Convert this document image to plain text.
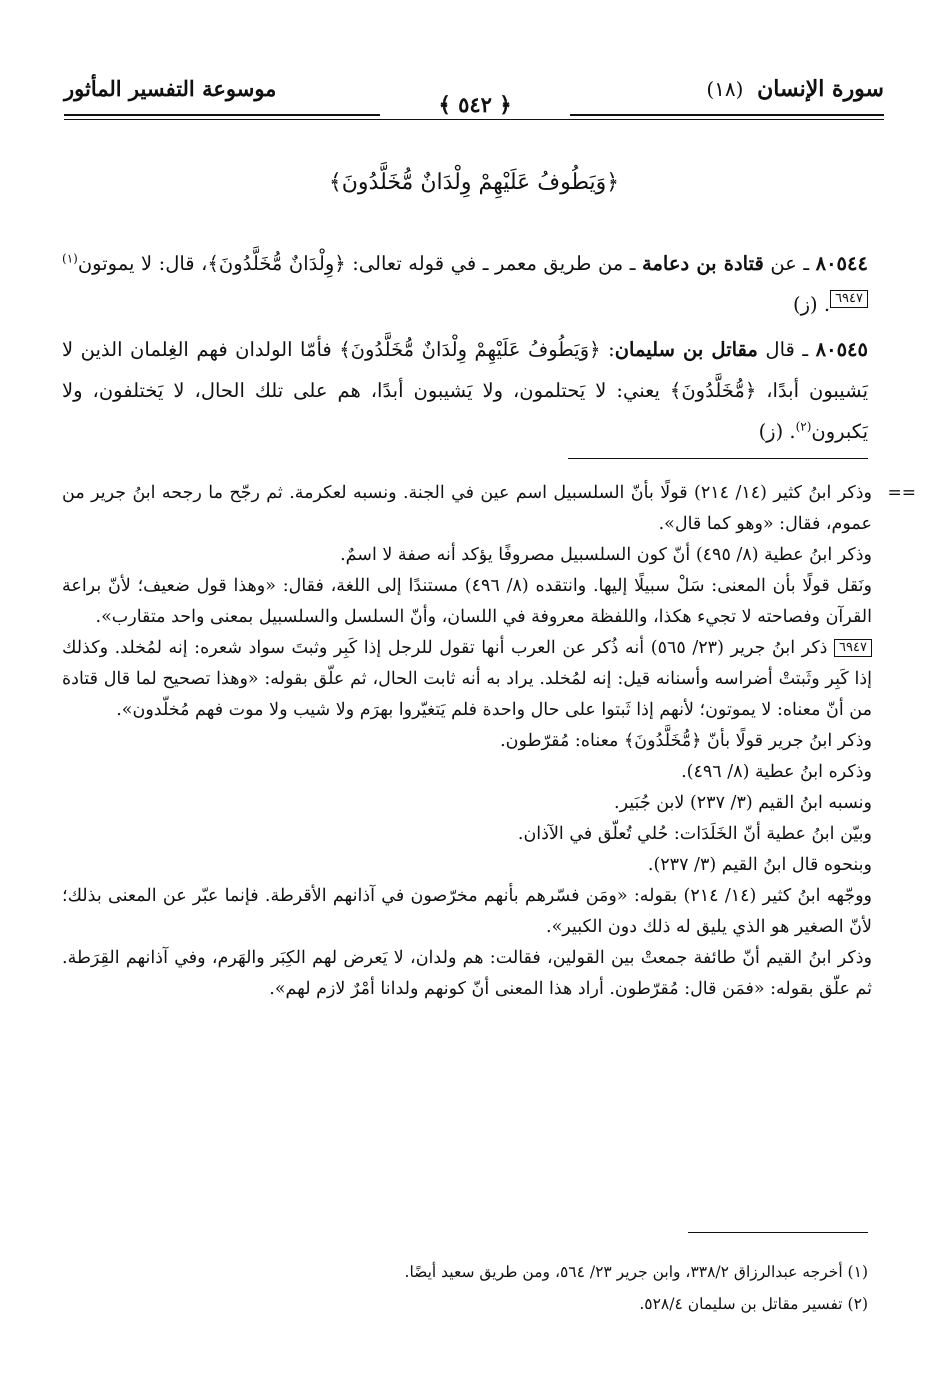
سورة الإنسان (١٨)
موسوعة التفسير المأثور
﴿ ٥٤٢ ﴾
﴿وَيَطُوفُ عَلَيْهِمْ وِلْدَانٌ مُّخَلَّدُونَ﴾

٨٠٥٤٤ ـ عن قتادة بن دعامة ـ من طريق معمر ـ في قوله تعالى: ﴿وِلْدَانٌ مُّخَلَّدُونَ﴾، قال: لا يموتون$^{(١)}$٦٩٤٧. (ز)

٨٠٥٤٥ ـ قال مقاتل بن سليمان: ﴿وَيَطُوفُ عَلَيْهِمْ وِلْدَانٌ مُّخَلَّدُونَ﴾ فأمّا الولدان فهم الغِلمان الذين لا يَشيبون أبدًا، ﴿مُّخَلَّدُونَ﴾ يعني: لا يَحتلمون، ولا يَشيبون أبدًا، هم على تلك الحال، لا يَختلفون، ولا يَكبرون$^{(٢)}$. (ز)

==

وذكر ابنُ كثير (١٤/ ٢١٤) قولًا بأنّ السلسبيل اسم عين في الجنة. ونسبه لعكرمة. ثم رجّح ما رجحه ابنُ جرير من عموم، فقال: «وهو كما قال».

وذكر ابنُ عطية (٨/ ٤٩٥) أنّ كون السلسبيل مصروفًا يؤكد أنه صفة لا اسمٌ.

ونَقل قولًا بأن المعنى: سَلْ سبيلًا إليها. وانتقده (٨/ ٤٩٦) مستندًا إلى اللغة، فقال: «وهذا قول ضعيف؛ لأنّ براعة القرآن وفصاحته لا تجيء هكذا، واللفظة معروفة في اللسان، وأنّ السلسل والسلسبيل بمعنى واحد متقارب».

٦٩٤٧ ذكر ابنُ جرير (٢٣/ ٥٦٥) أنه ذُكر عن العرب أنها تقول للرجل إذا كَبِر وثبتَ سواد شعره: إنه لمُخلد. وكذلك إذا كَبِر وثَبتتْ أضراسه وأسنانه قيل: إنه لمُخلد. يراد به أنه ثابت الحال، ثم علّق بقوله: «وهذا تصحيح لما قال قتادة من أنّ معناه: لا يموتون؛ لأنهم إذا ثَبتوا على حال واحدة فلم يَتغيّروا بهرَم ولا شيب ولا موت فهم مُخلّدون».

وذكر ابنُ جرير قولًا بأنّ ﴿مُّخَلَّدُونَ﴾ معناه: مُقرّطون.

وذكره ابنُ عطية (٨/ ٤٩٦).

ونسبه ابنُ القيم (٣/ ٢٣٧) لابن جُبَير.

وبيّن ابنُ عطية أنّ الخَلَدَات: حُلي تُعلّق في الآذان.

وبنحوه قال ابنُ القيم (٣/ ٢٣٧).

ووجّهه ابنُ كثير (١٤/ ٢١٤) بقوله: «ومَن فسّرهم بأنهم مخرّصون في آذانهم الأقرطة. فإنما عبّر عن المعنى بذلك؛ لأنّ الصغير هو الذي يليق له ذلك دون الكبير».

وذكر ابنُ القيم أنّ طائفة جمعتْ بين القولين، فقالت: هم ولدان، لا يَعرض لهم الكِبَر والهَرم، وفي آذانهم القِرَطة. ثم علّق بقوله: «فمَن قال: مُقرّطون. أراد هذا المعنى أنّ كونهم ولدانا أمْرٌ لازم لهم».

(١) أخرجه عبدالرزاق ٣٣٨/٢، وابن جرير ٢٣/ ٥٦٤، ومن طريق سعيد أيضًا.

(٢) تفسير مقاتل بن سليمان ٥٢٨/٤.
